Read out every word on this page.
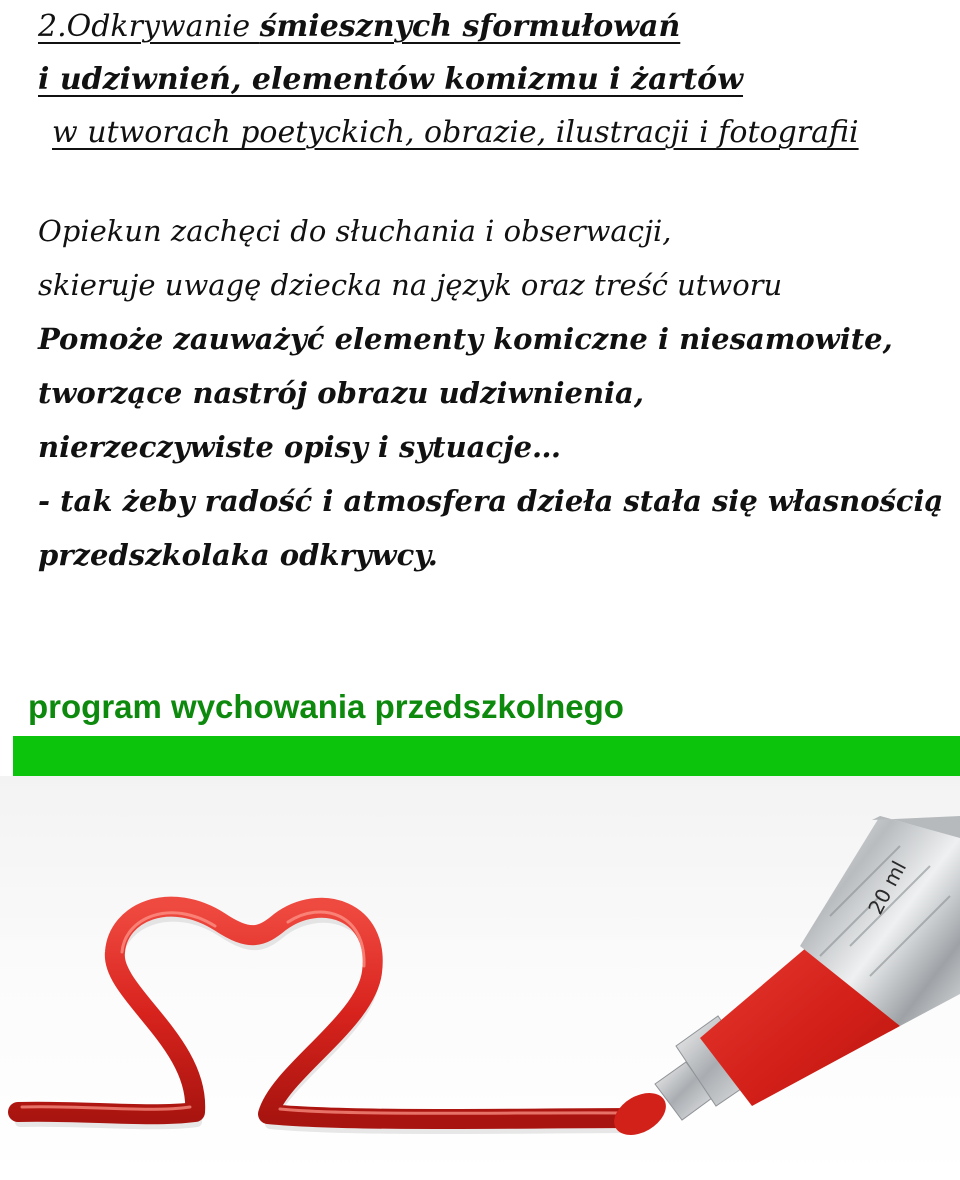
2.Odkrywanie śmiesznych sformułowań
i udziwnień, elementów komizmu i żartów
w utworach poetyckich, obrazie, ilustracji i fotografii
Opiekun zachęci do słuchania i obserwacji,
skieruje uwagę dziecka na język oraz treść utworu
Pomoże zauważyć elementy komiczne i niesamowite,
tworzące nastrój obrazu udziwnienia,
nierzeczywiste opisy i sytuacje…
- tak żeby radość i atmosfera dzieła stała się własnością
przedszkolaka odkrywcy.
program wychowania przedszkolnego
20 ml
